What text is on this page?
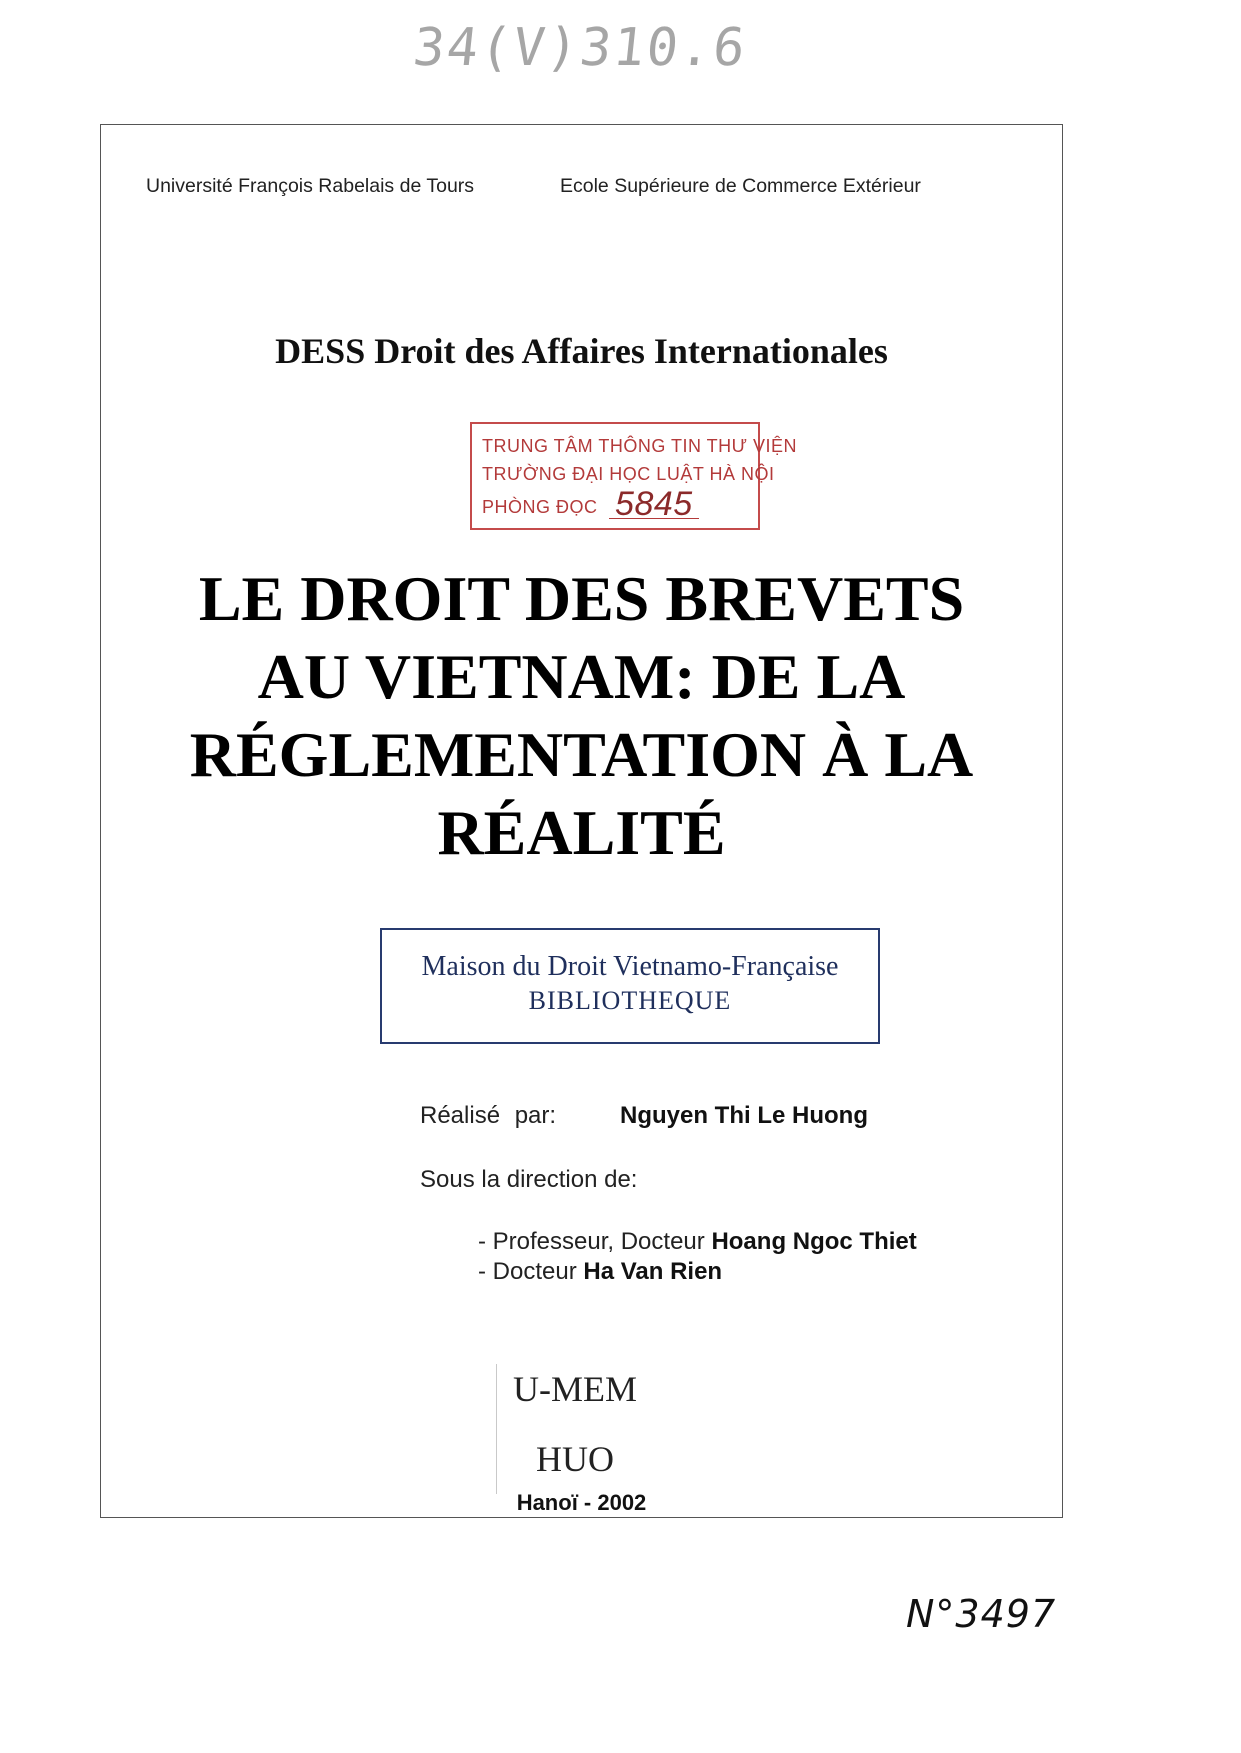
34(V)310.6
Université François Rabelais de Tours	Ecole Supérieure de Commerce Extérieur
DESS Droit des Affaires Internationales
TRUNG TÂM THÔNG TIN THƯ VIỆN
TRƯỜNG ĐẠI HỌC LUẬT HÀ NỘI
PHÒNG ĐỌC 5845
LE DROIT DES BREVETS
AU VIETNAM: DE LA
RÉGLEMENTATION À LA
RÉALITÉ
Maison du Droit Vietnamo-Française
BIBLIOTHEQUE
Réalisé par:	Nguyen Thi Le Huong
Sous la direction de:
- Professeur, Docteur Hoang Ngoc Thiet
- Docteur Ha Van Rien
U-MEM
HUO
Hanoï - 2002
N°3497
